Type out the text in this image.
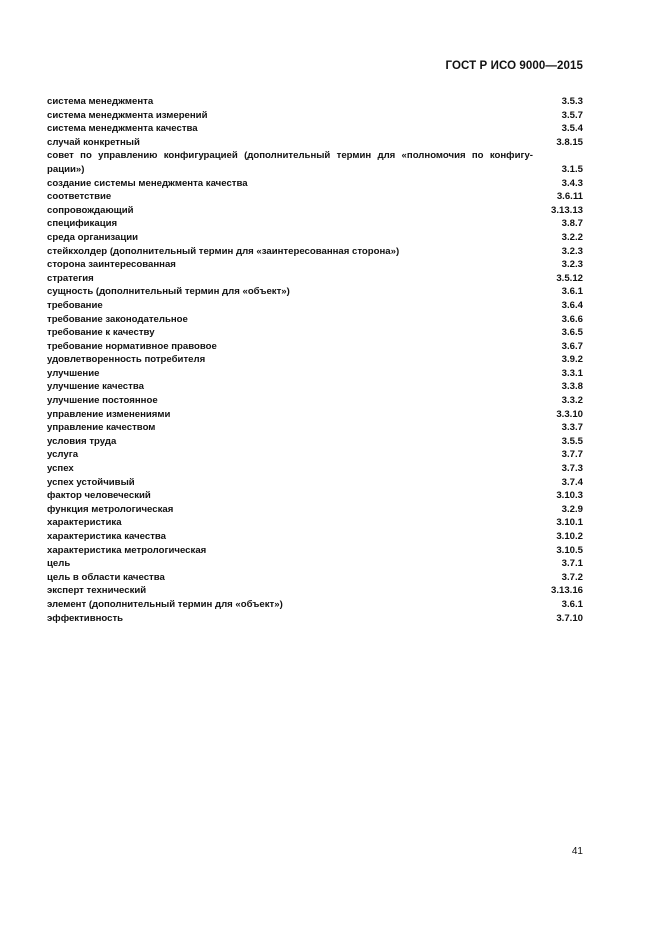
ГОСТ Р ИСО 9000—2015
система менеджмента	3.5.3
система менеджмента измерений	3.5.7
система менеджмента качества	3.5.4
случай конкретный	3.8.15
совет по управлению конфигурацией (дополнительный термин для «полномочия по конфигу-рации»)	3.1.5
создание системы менеджмента качества	3.4.3
соответствие	3.6.11
сопровождающий	3.13.13
спецификация	3.8.7
среда организации	3.2.2
стейкхолдер (дополнительный термин для «заинтересованная сторона»)	3.2.3
сторона заинтересованная	3.2.3
стратегия	3.5.12
сущность (дополнительный термин для «объект»)	3.6.1
требование	3.6.4
требование законодательное	3.6.6
требование к качеству	3.6.5
требование нормативное правовое	3.6.7
удовлетворенность потребителя	3.9.2
улучшение	3.3.1
улучшение качества	3.3.8
улучшение постоянное	3.3.2
управление изменениями	3.3.10
управление качеством	3.3.7
условия труда	3.5.5
услуга	3.7.7
успех	3.7.3
успех устойчивый	3.7.4
фактор человеческий	3.10.3
функция метрологическая	3.2.9
характеристика	3.10.1
характеристика качества	3.10.2
характеристика метрологическая	3.10.5
цель	3.7.1
цель в области качества	3.7.2
эксперт технический	3.13.16
элемент (дополнительный термин для «объект»)	3.6.1
эффективность	3.7.10
41
